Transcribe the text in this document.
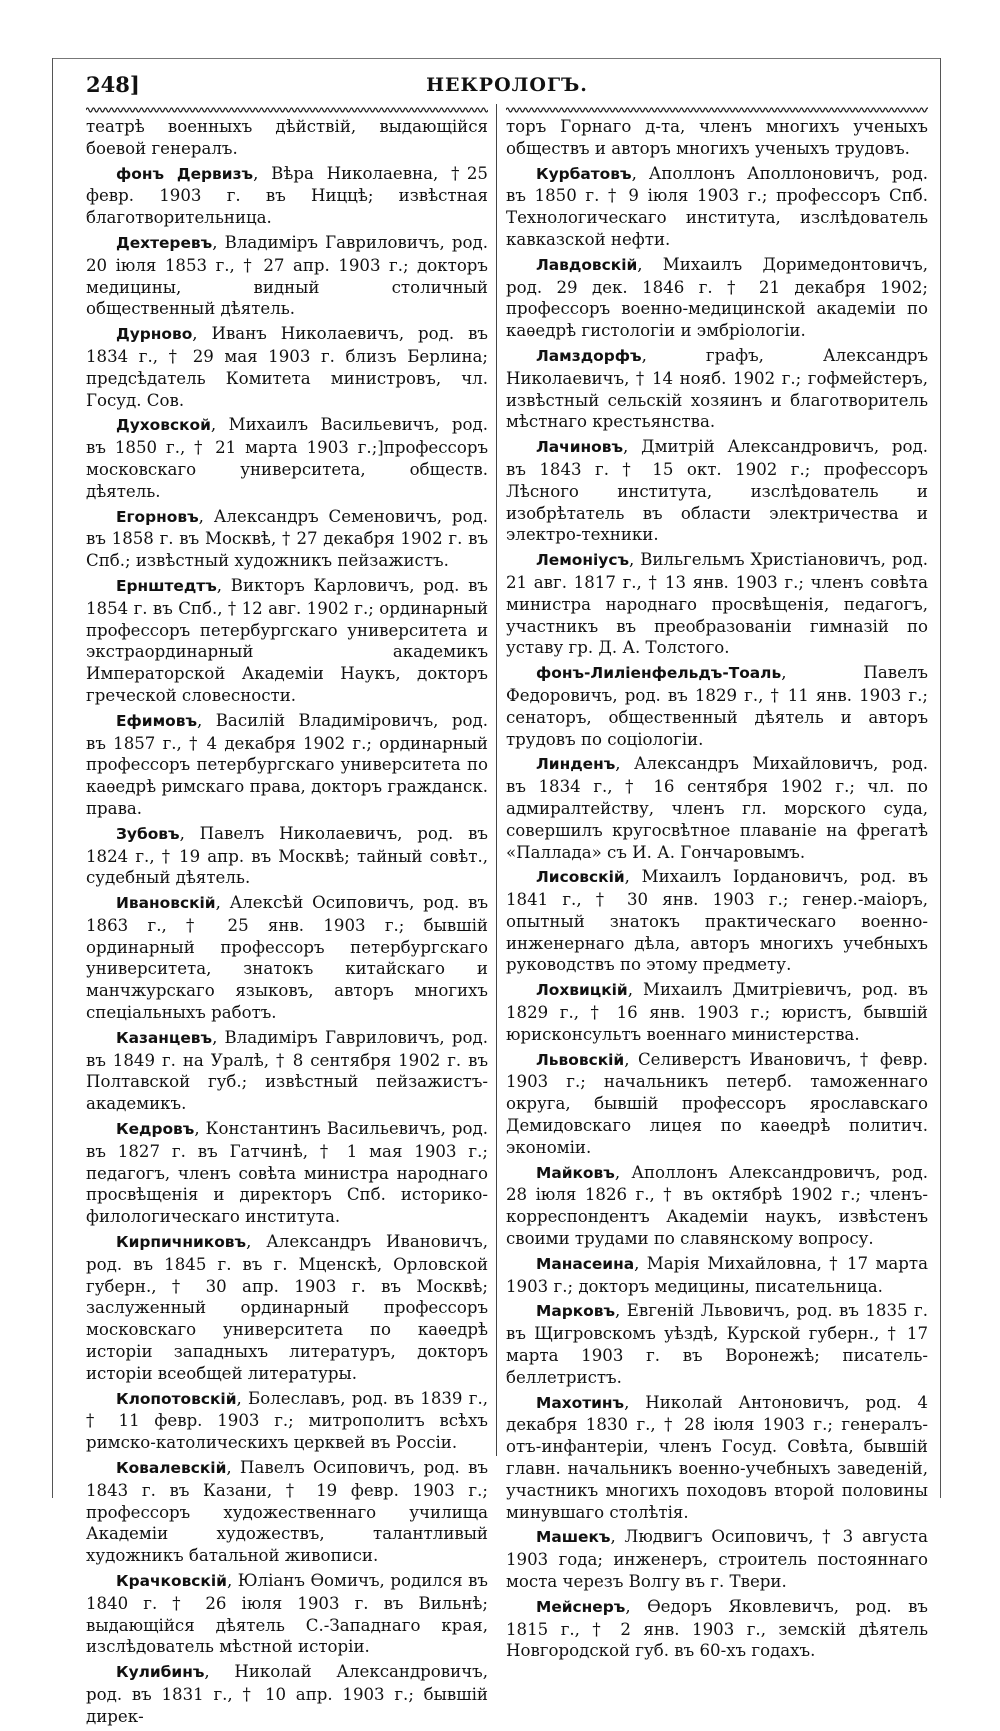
248]	НЕКРОЛОГЪ.

театрѣ военныхъ дѣйствій, выдающійся боевой генералъ.

фонъ Дервизъ, Вѣра Николаевна, †25 февр. 1903 г. въ Ниццѣ; извѣстная благотворительница.

Дехтеревъ, Владиміръ Гавриловичъ, род. 20 іюля 1853 г., † 27 апр. 1903 г.; докторъ медицины, видный столичный общественный дѣятель.

Дурново, Иванъ Николаевичъ, род. въ 1834 г., † 29 мая 1903 г. близъ Берлина; предсѣдатель Комитета министровъ, чл. Госуд. Сов.

Духовской, Михаилъ Васильевичъ, род. въ 1850 г., † 21 марта 1903 г.;]профессоръ московскаго университета, обществ. дѣятель.

Егорновъ, Александръ Семеновичъ, род. въ 1858 г. въ Москвѣ, † 27 декабря 1902 г. въ Спб.; извѣстный художникъ пейзажистъ.

Ернштедтъ, Викторъ Карловичъ, род. въ 1854 г. въ Спб., † 12 авг. 1902 г.; ординарный профессоръ петербургскаго университета и экстраординарный академикъ Императорской Академіи Наукъ, докторъ греческой словесности.

Ефимовъ, Василій Владиміровичъ, род. въ 1857 г., † 4 декабря 1902 г.; ординарный профессоръ петербургскаго университета по каѳедрѣ римскаго права, докторъ гражданск. права.

Зубовъ, Павелъ Николаевичъ, род. въ 1824 г., † 19 апр. въ Москвѣ; тайный совѣт., судебный дѣятель.

Ивановскій, Алексѣй Осиповичъ, род. въ 1863 г., † 25 янв. 1903 г.; бывшій ординарный профессоръ петербургскаго университета, знатокъ китайскаго и манчжурскаго языковъ, авторъ многихъ спеціальныхъ работъ.

Казанцевъ, Владиміръ Гавриловичъ, род. въ 1849 г. на Уралѣ, † 8 сентября 1902 г. въ Полтавской губ.; извѣстный пейзажистъ-академикъ.

Кедровъ, Константинъ Васильевичъ, род. въ 1827 г. въ Гатчинѣ, † 1 мая 1903 г.; педагогъ, членъ совѣта министра народнаго просвѣщенія и директоръ Спб. историко-филологическаго института.

Кирпичниковъ, Александръ Ивановичъ, род. въ 1845 г. въ г. Мценскѣ, Орловской губерн., † 30 апр. 1903 г. въ Москвѣ; заслуженный ординарный профессоръ московскаго университета по каѳедрѣ исторіи западныхъ литературъ, докторъ исторіи всеобщей литературы.

Клопотовскій, Болеславъ, род. въ 1839 г., † 11 февр. 1903 г.; митрополитъ всѣхъ римско-католическихъ церквей въ Россіи.

Ковалевскій, Павелъ Осиповичъ, род. въ 1843 г. въ Казани, † 19 февр. 1903 г.; профессоръ художественнаго училища Академіи художествъ, талантливый художникъ батальной живописи.

Крачковскій, Юліанъ Ѳомичъ, родился въ 1840 г. † 26 іюля 1903 г. въ Вильнѣ; выдающійся дѣятель С.-Западнаго края, изслѣдователь мѣстной исторіи.

Кулибинъ, Николай Александровичъ, род. въ 1831 г., † 10 апр. 1903 г.; бывшій дирек-

торъ Горнаго д-та, членъ многихъ ученыхъ обществъ и авторъ многихъ ученыхъ трудовъ.

Курбатовъ, Аполлонъ Аполлоновичъ, род. въ 1850 г. † 9 іюля 1903 г.; профессоръ Спб. Технологическаго института, изслѣдователь кавказской нефти.

Лавдовскій, Михаилъ Доримедонтовичъ, род. 29 дек. 1846 г. † 21 декабря 1902; профессоръ военно-медицинской академіи по каѳедрѣ гистологіи и эмбріологіи.

Ламздорфъ, графъ, Александръ Николаевичъ, † 14 нояб. 1902 г.; гофмейстеръ, извѣстный сельскій хозяинъ и благотворитель мѣстнаго крестьянства.

Лачиновъ, Дмитрій Александровичъ, род. въ 1843 г. † 15 окт. 1902 г.; профессоръ Лѣсного института, изслѣдователь и изобрѣтатель въ области электричества и электро-техники.

Лемоніусъ, Вильгельмъ Христіановичъ, род. 21 авг. 1817 г., † 13 янв. 1903 г.; членъ совѣта министра народнаго просвѣщенія, педагогъ, участникъ въ преобразованіи гимназій по уставу гр. Д. А. Толстого.

фонъ-Лиліенфельдъ-Тоаль, Павелъ Федоровичъ, род. въ 1829 г., † 11 янв. 1903 г.; сенаторъ, общественный дѣятель и авторъ трудовъ по соціологіи.

Линденъ, Александръ Михайловичъ, род. въ 1834 г., † 16 сентября 1902 г.; чл. по адмиралтейству, членъ гл. морского суда, совершилъ кругосвѣтное плаваніе на фрегатѣ «Паллада» съ И. А. Гончаровымъ.

Лисовскій, Михаилъ Іордановичъ, род. въ 1841 г., † 30 янв. 1903 г.; генер.-маіоръ, опытный знатокъ практическаго военно-инженернаго дѣла, авторъ многихъ учебныхъ руководствъ по этому предмету.

Лохвицкій, Михаилъ Дмитріевичъ, род. въ 1829 г., † 16 янв. 1903 г.; юристъ, бывшій юрисконсультъ военнаго министерства.

Львовскій, Селиверстъ Ивановичъ, † февр. 1903 г.; начальникъ петерб. таможеннаго округа, бывшій профессоръ ярославскаго Демидовскаго лицея по каѳедрѣ политич. экономіи.

Майковъ, Аполлонъ Александровичъ, род. 28 іюля 1826 г., † въ октябрѣ 1902 г.; членъ-корреспондентъ Академіи наукъ, извѣстенъ своими трудами по славянскому вопросу.

Манасеина, Марія Михайловна, † 17 марта 1903 г.; докторъ медицины, писательница.

Марковъ, Евгеній Львовичъ, род. въ 1835 г. въ Щигровскомъ уѣздѣ, Курской губерн., † 17 марта 1903 г. въ Воронежѣ; писатель-беллетристъ.

Махотинъ, Николай Антоновичъ, род. 4 декабря 1830 г., † 28 іюля 1903 г.; генералъ-отъ-инфантеріи, членъ Госуд. Совѣта, бывшій главн. начальникъ военно-учебныхъ заведеній, участникъ многихъ походовъ второй половины минувшаго столѣтія.

Машекъ, Людвигъ Осиповичъ, † 3 августа 1903 года; инженеръ, строитель постояннаго моста черезъ Волгу въ г. Твери.

Мейснеръ, Ѳедоръ Яковлевичъ, род. въ 1815 г., † 2 янв. 1903 г., земскій дѣятель Новгородской губ. въ 60-хъ годахъ.
